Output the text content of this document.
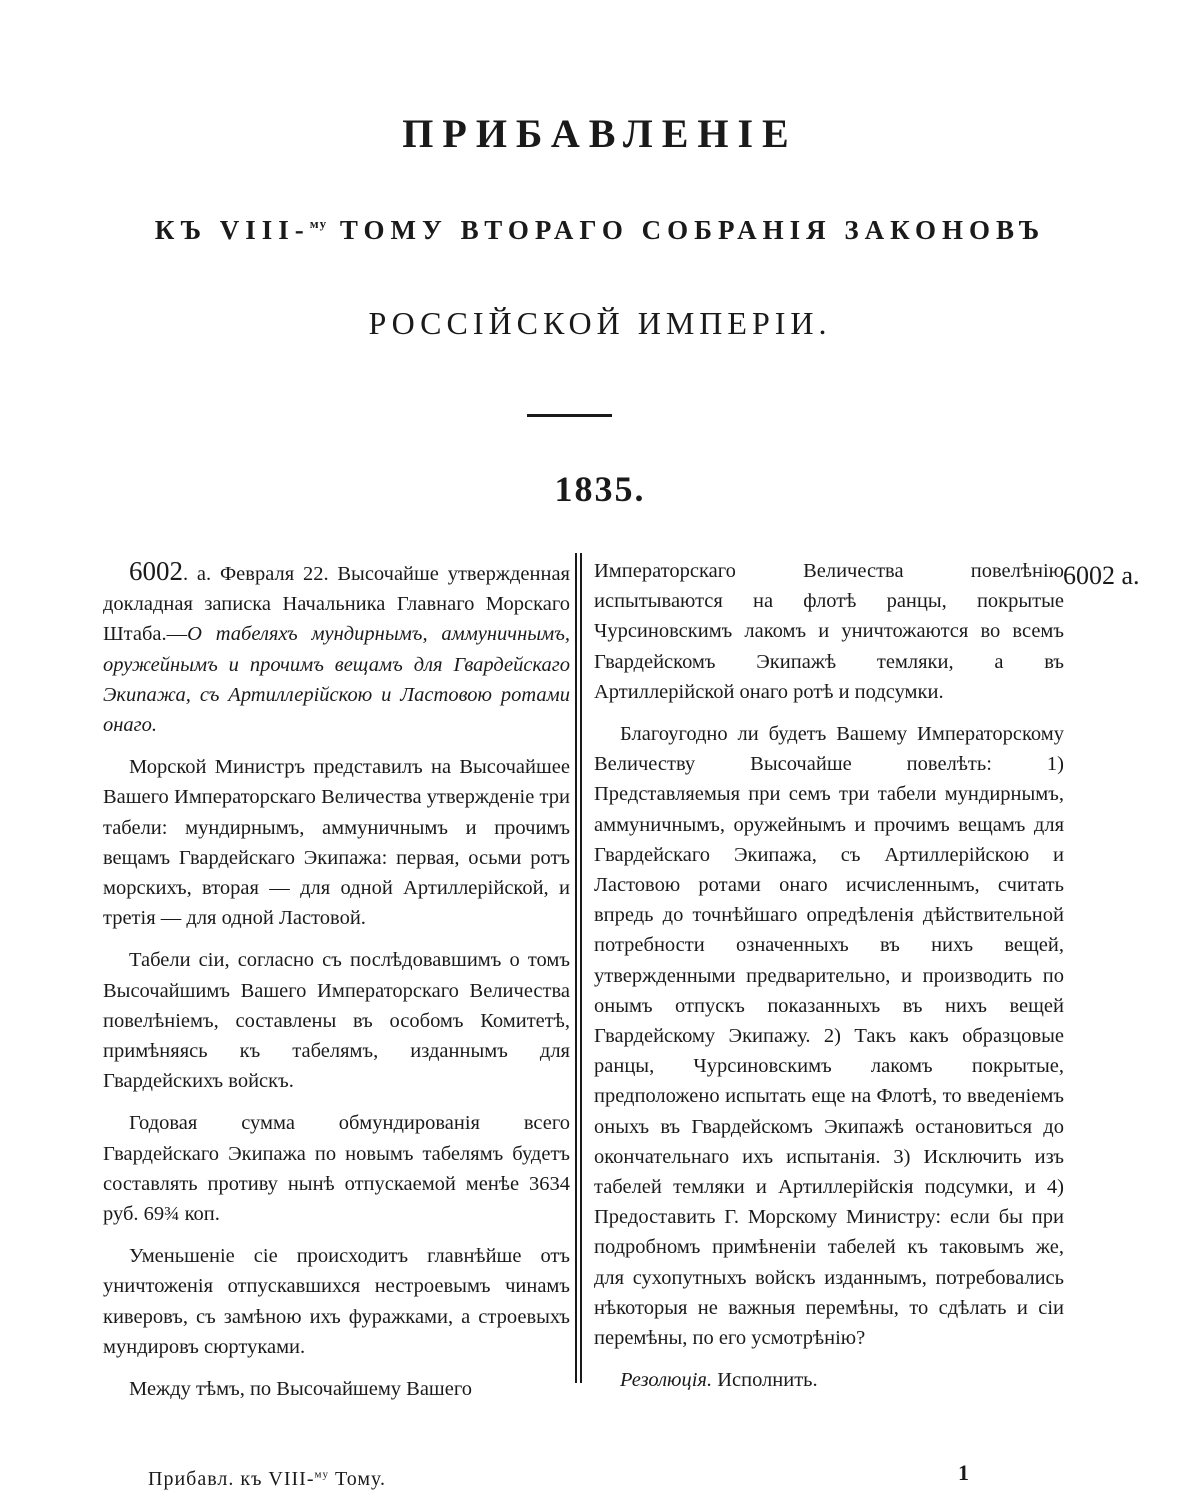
ПРИБАВЛЕНІЕ
КЪ VIII-$^{му}$ ТОМУ ВТОРАГО СОБРАНІЯ ЗАКОНОВЪ
РОССІЙСКОЙ ИМПЕРІИ.
1835.

6002. а. Февраля 22. Высочайше утвержденная докладная записка Начальника Главнаго Морскаго Штаба.—О табеляхъ мундирнымъ, аммуничнымъ, оружейнымъ и прочимъ вещамъ для Гвардейскаго Экипажа, съ Артиллерійскою и Ластовою ротами онаго.

Морской Министръ представилъ на Высочайшее Вашего Императорскаго Величества утвержденіе три табели: мундирнымъ, аммуничнымъ и прочимъ вещамъ Гвардейскаго Экипажа: первая, осьми ротъ морскихъ, вторая — для одной Артиллерійской, и третія — для одной Ластовой.

Табели сіи, согласно съ послѣдовавшимъ о томъ Высочайшимъ Вашего Императорскаго Величества повелѣніемъ, составлены въ особомъ Комитетѣ, примѣняясь къ табелямъ, изданнымъ для Гвардейскихъ войскъ.

Годовая сумма обмундированія всего Гвардейскаго Экипажа по новымъ табелямъ будетъ составлять противу нынѣ отпускаемой менѣе 3634 руб. 69¾ коп.

Уменьшеніе сіе происходитъ главнѣйше отъ уничтоженія отпускавшихся нестроевымъ чинамъ киверовъ, съ замѣною ихъ фуражками, а строевыхъ мундировъ сюртуками.

Между тѣмъ, по Высочайшему Вашего

Императорскаго Величества повелѣнію испытываются на флотѣ ранцы, покрытые Чурсиновскимъ лакомъ и уничтожаются во всемъ Гвардейскомъ Экипажѣ темляки, а въ Артиллерійской онаго ротѣ и подсумки.

Благоугодно ли будетъ Вашему Императорскому Величеству Высочайше повелѣть: 1) Представляемыя при семъ три табели мундирнымъ, аммуничнымъ, оружейнымъ и прочимъ вещамъ для Гвардейскаго Экипажа, съ Артиллерійскою и Ластовою ротами онаго исчисленнымъ, считать впредь до точнѣйшаго опредѣленія дѣйствительной потребности означенныхъ въ нихъ вещей, утвержденными предварительно, и производить по онымъ отпускъ показанныхъ въ нихъ вещей Гвардейскому Экипажу. 2) Такъ какъ образцовые ранцы, Чурсиновскимъ лакомъ покрытые, предположено испытать еще на Флотѣ, то введеніемъ оныхъ въ Гвардейскомъ Экипажѣ остановиться до окончательнаго ихъ испытанія. 3) Исключить изъ табелей темляки и Артиллерійскія подсумки, и 4) Предоставить Г. Морскому Министру: если бы при подробномъ примѣненіи табелей къ таковымъ же, для сухопутныхъ войскъ изданнымъ, потребовались нѣкоторыя не важныя перемѣны, то сдѣлать и сіи перемѣны, по его усмотрѣнію?

Резолюція. Исполнить.

6002 а.
Прибавл. къ VIII-$^{му}$ Тому.	1
